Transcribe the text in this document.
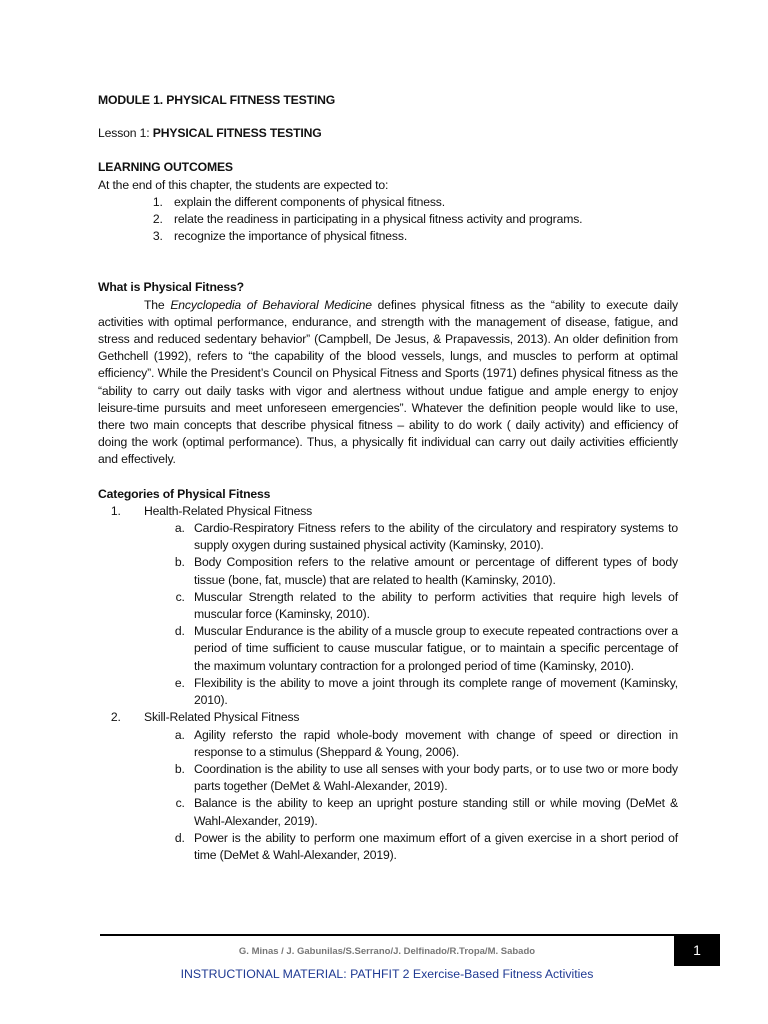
MODULE 1. PHYSICAL FITNESS TESTING

Lesson 1: PHYSICAL FITNESS TESTING
LEARNING OUTCOMES
At the end of this chapter, the students are expected to:
1. explain the different components of physical fitness.
2. relate the readiness in participating in a physical fitness activity and programs.
3. recognize the importance of physical fitness.
What is Physical Fitness?

The Encyclopedia of Behavioral Medicine defines physical fitness as the “ability to execute daily activities with optimal performance, endurance, and strength with the management of disease, fatigue, and stress and reduced sedentary behavior” (Campbell, De Jesus, & Prapavessis, 2013). An older definition from Gethchell (1992), refers to “the capability of the blood vessels, lungs, and muscles to perform at optimal efficiency”. While the President’s Council on Physical Fitness and Sports (1971) defines physical fitness as the “ability to carry out daily tasks with vigor and alertness without undue fatigue and ample energy to enjoy leisure-time pursuits and meet unforeseen emergencies”. Whatever the definition people would like to use, there two main concepts that describe physical fitness – ability to do work ( daily activity) and efficiency of doing the work (optimal performance). Thus, a physically fit individual can carry out daily activities efficiently and effectively.

Categories of Physical Fitness
1. Health-Related Physical Fitness
a. Cardio-Respiratory Fitness refers to the ability of the circulatory and respiratory systems to supply oxygen during sustained physical activity (Kaminsky, 2010).
b. Body Composition refers to the relative amount or percentage of different types of body tissue (bone, fat, muscle) that are related to health (Kaminsky, 2010).
c. Muscular Strength related to the ability to perform activities that require high levels of muscular force (Kaminsky, 2010).
d. Muscular Endurance is the ability of a muscle group to execute repeated contractions over a period of time sufficient to cause muscular fatigue, or to maintain a specific percentage of the maximum voluntary contraction for a prolonged period of time (Kaminsky, 2010).
e. Flexibility is the ability to move a joint through its complete range of movement (Kaminsky, 2010).
2. Skill-Related Physical Fitness
a. Agility refersto the rapid whole-body movement with change of speed or direction in response to a stimulus (Sheppard & Young, 2006).
b. Coordination is the ability to use all senses with your body parts, or to use two or more body parts together (DeMet & Wahl-Alexander, 2019).
c. Balance is the ability to keep an upright posture standing still or while moving (DeMet & Wahl-Alexander, 2019).
d. Power is the ability to perform one maximum effort of a given exercise in a short period of time (DeMet & Wahl-Alexander, 2019).
1
G. Minas / J. Gabunilas/S.Serrano/J. Delfinado/R.Tropa/M. Sabado
INSTRUCTIONAL MATERIAL: PATHFIT 2 Exercise-Based Fitness Activities
